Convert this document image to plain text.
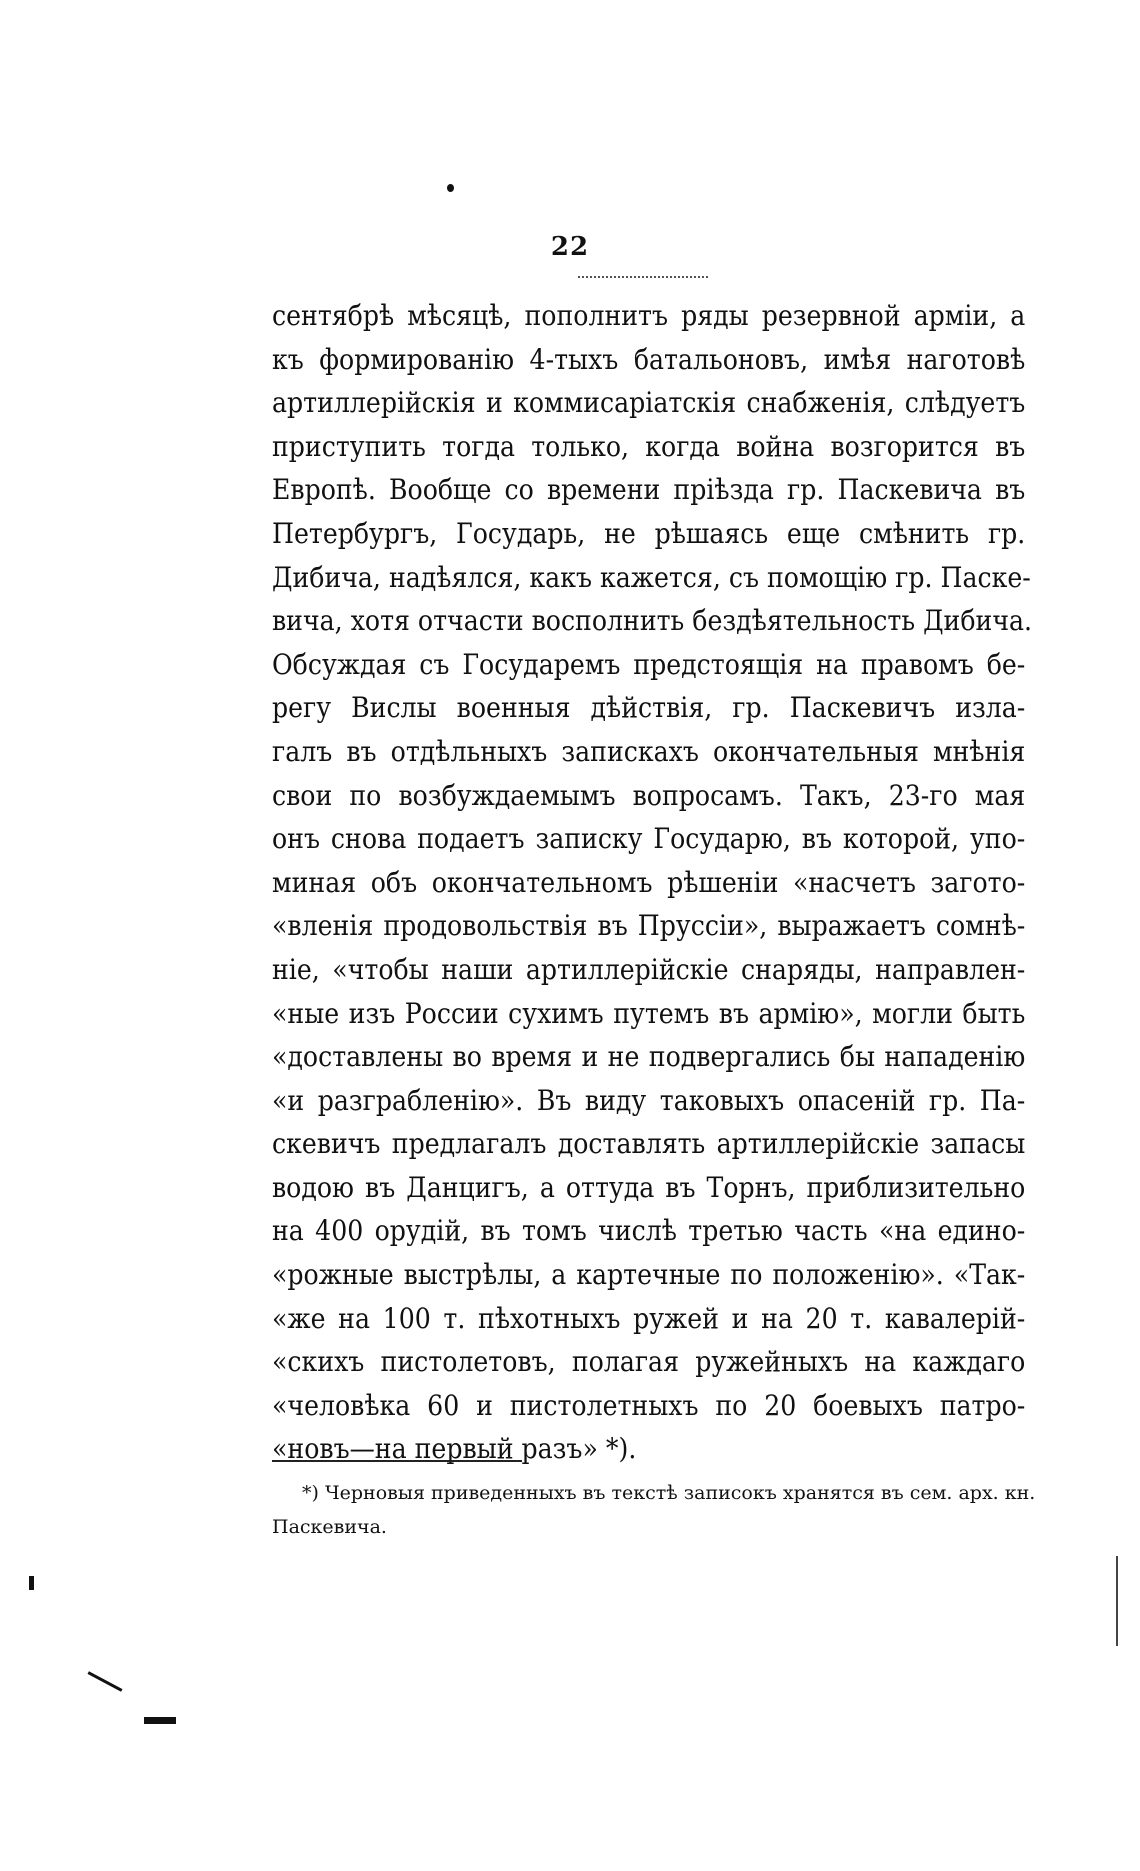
22
сентябрѣ мѣсяцѣ, пополнитъ ряды резервной арміи, а
къ формированію 4-тыхъ батальоновъ, имѣя наготовѣ
артиллерійскія и коммисаріатскія снабженія, слѣдуетъ
приступить тогда только, когда война возгорится въ
Европѣ. Вообще со времени пріѣзда гр. Паскевича въ
Петербургъ, Государь, не рѣшаясь еще смѣнить гр.
Дибича, надѣялся, какъ кажется, съ помощію гр. Паске-
вича, хотя отчасти восполнить бездѣятельность Дибича.
Обсуждая съ Государемъ предстоящія на правомъ бе-
регу Вислы военныя дѣйствія, гр. Паскевичъ изла-
галъ въ отдѣльныхъ запискахъ окончательныя мнѣнія
свои по возбуждаемымъ вопросамъ. Такъ, 23-го мая
онъ снова подаетъ записку Государю, въ которой, упо-
миная объ окончательномъ рѣшеніи «насчетъ загото-
«вленія продовольствія въ Пруссіи», выражаетъ сомнѣ-
ніе, «чтобы наши артиллерійскіе снаряды, направлен-
«ные изъ России сухимъ путемъ въ армію», могли быть
«доставлены во время и не подвергались бы нападенію
«и разграбленію». Въ виду таковыхъ опасеній гр. Па-
скевичъ предлагалъ доставлять артиллерійскіе запасы
водою въ Данцигъ, а оттуда въ Торнъ, приблизительно
на 400 орудій, въ томъ числѣ третью часть «на едино-
«рожные выстрѣлы, а картечные по положенію». «Так-
«же на 100 т. пѣхотныхъ ружей и на 20 т. кавалерій-
«скихъ пистолетовъ, полагая ружейныхъ на каждаго
«человѣка 60 и пистолетныхъ по 20 боевыхъ патро-
«новъ—на первый разъ» *).
*) Черновыя приведенныхъ въ текстѣ записокъ хранятся въ сем. арх. кн.
Паскевича.
